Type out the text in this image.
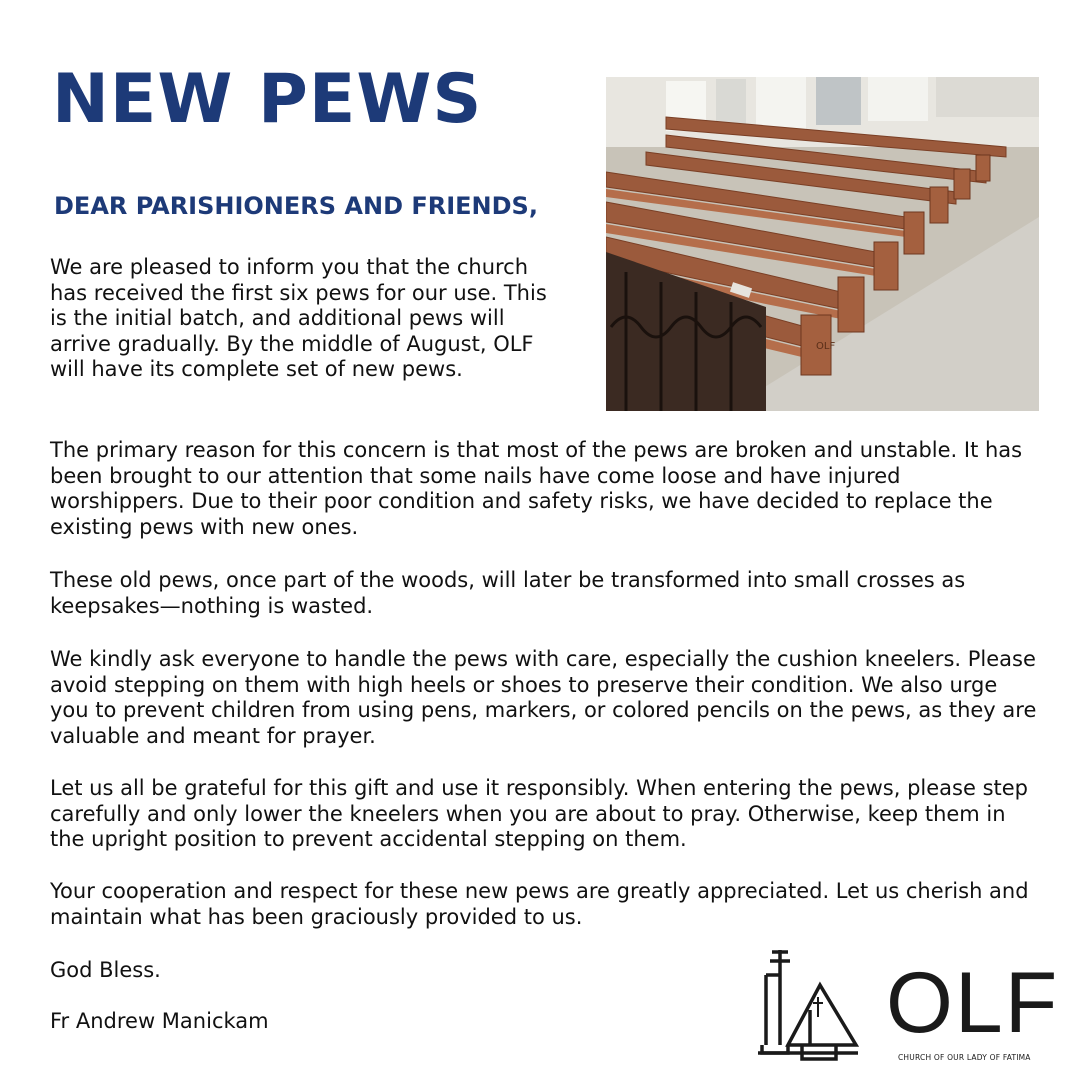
NEW PEWS
DEAR PARISHIONERS AND FRIENDS,

We are pleased to inform you that the church has received the first six pews for our use. This is the initial batch, and additional pews will arrive gradually. By the middle of August, OLF will have its complete set of new pews.

OLF

The primary reason for this concern is that most of the pews are broken and unstable. It has been brought to our attention that some nails have come loose and have injured worshippers. Due to their poor condition and safety risks, we have decided to replace the existing pews with new ones.

These old pews, once part of the woods, will later be transformed into small crosses as keepsakes—nothing is wasted.

We kindly ask everyone to handle the pews with care, especially the cushion kneelers. Please avoid stepping on them with high heels or shoes to preserve their condition. We also urge you to prevent children from using pens, markers, or colored pencils on the pews, as they are valuable and meant for prayer.

Let us all be grateful for this gift and use it responsibly. When entering the pews, please step carefully and only lower the kneelers when you are about to pray. Otherwise, keep them in the upright position to prevent accidental stepping on them.

Your cooperation and respect for these new pews are greatly appreciated. Let us cherish and maintain what has been graciously provided to us.

God Bless.

Fr Andrew Manickam	OLF

CHURCH OF OUR LADY OF FATIMA
